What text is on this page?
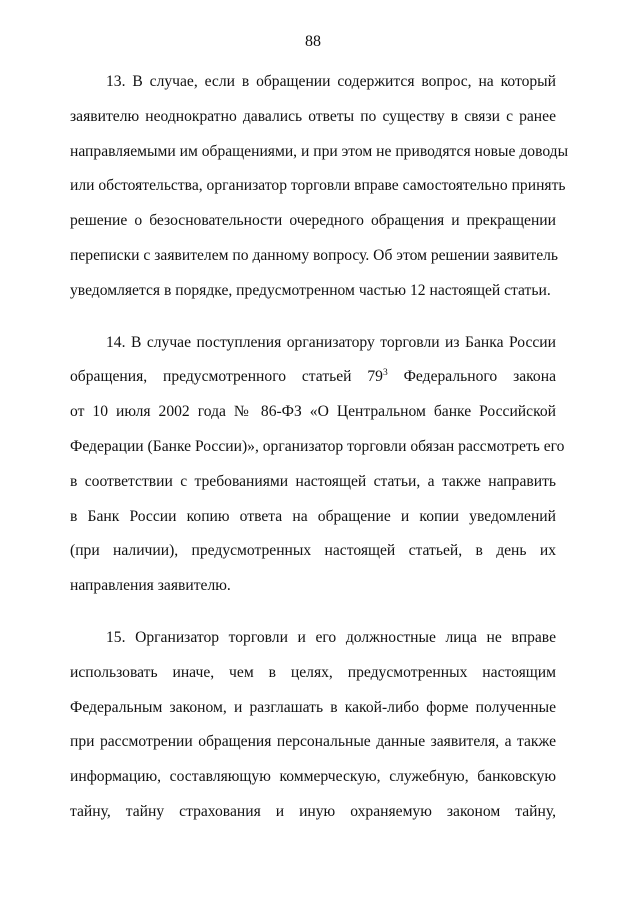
88

13. В случае, если в обращении содержится вопрос, на который
заявителю неоднократно давались ответы по существу в связи с ранее
направляемыми им обращениями, и при этом не приводятся новые доводы
или обстоятельства, организатор торговли вправе самостоятельно принять
решение о безосновательности очередного обращения и прекращении
переписки с заявителем по данному вопросу. Об этом решении заявитель
уведомляется в порядке, предусмотренном частью 12 настоящей статьи.

14. В случае поступления организатору торговли из Банка России
обращения, предусмотренного статьей $79^3$ Федерального закона
от 10 июля 2002 года № 86-ФЗ «О Центральном банке Российской
Федерации (Банке России)», организатор торговли обязан рассмотреть его
в соответствии с требованиями настоящей статьи, а также направить
в Банк России копию ответа на обращение и копии уведомлений
(при наличии), предусмотренных настоящей статьей, в день их
направления заявителю.

15. Организатор торговли и его должностные лица не вправе
использовать иначе, чем в целях, предусмотренных настоящим
Федеральным законом, и разглашать в какой-либо форме полученные
при рассмотрении обращения персональные данные заявителя, а также
информацию, составляющую коммерческую, служебную, банковскую
тайну, тайну страхования и иную охраняемую законом тайну,
